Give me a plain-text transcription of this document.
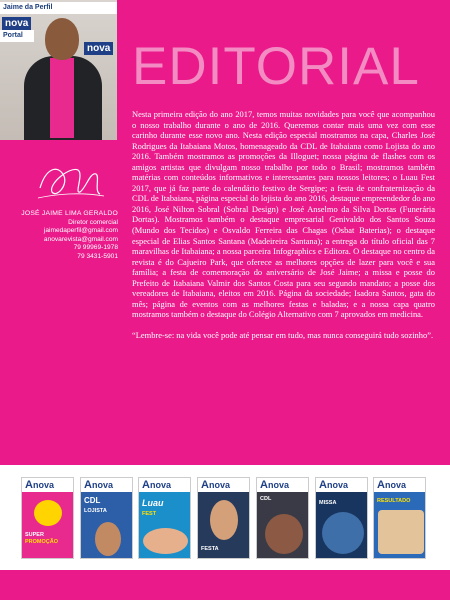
Jaime da Perfil
nova
Portal
nova EDITORIAL
JOSÉ JAIME LIMA GERALDO
Diretor comercial
jaimedaperfil@gmail.com
anovarevista@gmail.com
79 99969-1978
79 3431-5901

Nesta primeira edição do ano 2017, temos muitas novidades para você que acompanhou o nosso trabalho durante o ano de 2016. Queremos contar mais uma vez com esse carinho durante esse novo ano. Nesta edição especial mostramos na capa, Charles José Rodrigues da Itabaiana Motos, homenageado da CDL de Itabaiana como Lojista do ano 2016. Também mostramos as promoções da Illoguet; nossa página de flashes com os amigos artistas que divulgam nosso trabalho por todo o Brasil; mostramos também matérias com conteúdos informativos e interessantes para nossos leitores; o Luau Fest 2017, que já faz parte do calendário festivo de Sergipe; a festa de confraternização da CDL de Itabaiana, página especial do lojista do ano 2016, destaque empreendedor do ano 2016, José Nilton Sobral (Sobral Design) e José Anselmo da Silva Dortas (Funerária Dortas). Mostramos também o destaque empresarial Genivaldo dos Santos Souza (Mundo dos Tecidos) e Osvaldo Ferreira das Chagas (Osbat Baterias); o destaque especial de Elias Santos Santana (Madeireira Santana); a entrega do título oficial das 7 maravilhas de Itabaiana; a nossa parceira Infographics e Editora. O destaque no centro da revista é do Cajueiro Park, que oferece as melhores opções de lazer para você e sua família; a festa de comemoração do aniversário de José Jaime; a missa e posse do Prefeito de Itabaiana Valmir dos Santos Costa para seu segundo mandato; a posse dos vereadores de Itabaiana, eleitos em 2016. Página da sociedade; Isadora Santos, gata do mês; página de eventos com as melhores festas e baladas; e a nossa capa quatro mostramos também o destaque do Colégio Alternativo com 7 aprovados em medicina.

“Lembre-se: na vida você pode até pensar em tudo, mas nunca conseguirá tudo sozinho”.

Anova
SUPER
PROMOÇÃO
Anova
CDL
LOJISTA
Anova
Luau
FEST
Anova
FESTA
Anova
CDL
Anova
MISSA
Anova
RESULTADO
